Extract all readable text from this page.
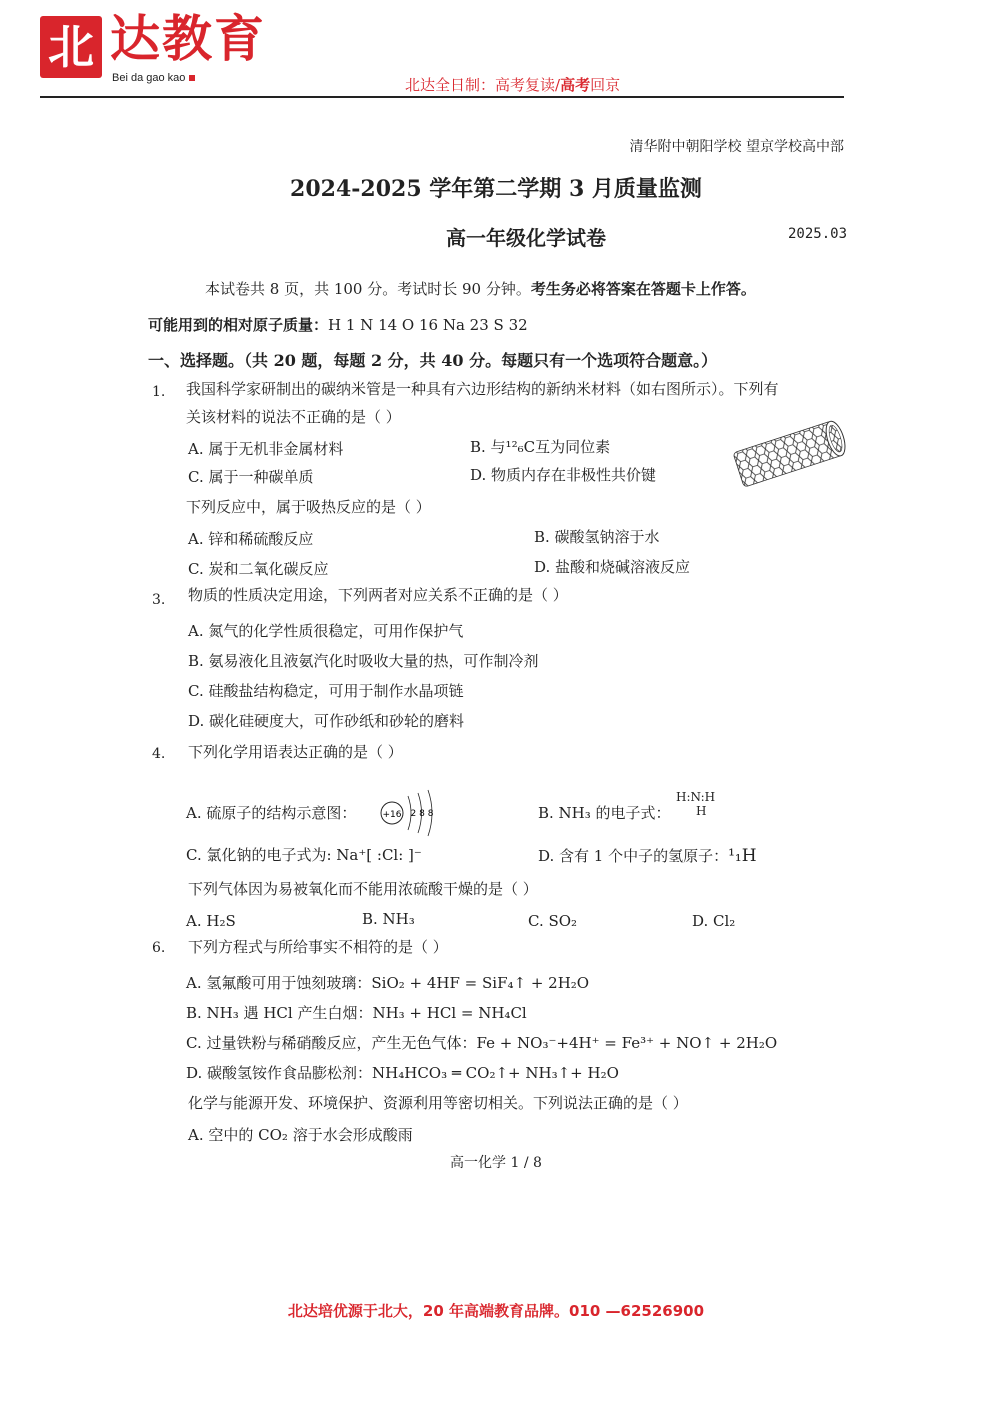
北 达教育
Bei da gao kao	北达全日制：高考复读/高考回京
清华附中朝阳学校 望京学校高中部
2024-2025 学年第二学期 3 月质量监测
高一年级化学试卷	2025.03
本试卷共 8 页，共 100 分。考试时长 90 分钟。考生务必将答案在答题卡上作答。
可能用到的相对原子质量：H 1 N 14 O 16 Na 23 S 32
一、选择题。（共 20 题，每题 2 分，共 40 分。每题只有一个选项符合题意。）
1. 我国科学家研制出的碳纳米管是一种具有六边形结构的新纳米材料（如右图所示）。下列有
关该材料的说法不正确的是（ ）
A. 属于无机非金属材料	B. 与¹²₆C互为同位素
C. 属于一种碳单质	D. 物质内存在非极性共价键
下列反应中，属于吸热反应的是（ ）
A. 锌和稀硫酸反应	B. 碳酸氢钠溶于水
C. 炭和二氧化碳反应	D. 盐酸和烧碱溶液反应
3. 物质的性质决定用途，下列两者对应关系不正确的是（ ）
A. 氮气的化学性质很稳定，可用作保护气
B. 氨易液化且液氨汽化时吸收大量的热，可作制冷剂
C. 硅酸盐结构稳定，可用于制作水晶项链
D. 碳化硅硬度大，可作砂纸和砂轮的磨料
4. 下列化学用语表达正确的是（ ）
A. 硫原子的结构示意图：	+16 2 8 8	B. NH₃ 的电子式：
H:N:H
H
C. 氯化钠的电子式为: Na⁺[ :Cl: ]⁻	D. 含有 1 个中子的氢原子：¹₁H
下列气体因为易被氧化而不能用浓硫酸干燥的是（ ）
A. H₂S	B. NH₃	C. SO₂	D. Cl₂
6. 下列方程式与所给事实不相符的是（ ）
A. 氢氟酸可用于蚀刻玻璃：SiO₂ + 4HF = SiF₄↑ + 2H₂O
B. NH₃ 遇 HCl 产生白烟：NH₃ + HCl = NH₄Cl
C. 过量铁粉与稀硝酸反应，产生无色气体：Fe + NO₃⁻+4H⁺ = Fe³⁺ + NO↑ + 2H₂O
D. 碳酸氢铵作食品膨松剂：NH₄HCO₃ ═ CO₂↑+ NH₃↑+ H₂O
化学与能源开发、环境保护、资源利用等密切相关。下列说法正确的是（ ）
A. 空中的 CO₂ 溶于水会形成酸雨
高一化学 1 / 8
北达培优源于北大，20 年高端教育品牌。010 —62526900
